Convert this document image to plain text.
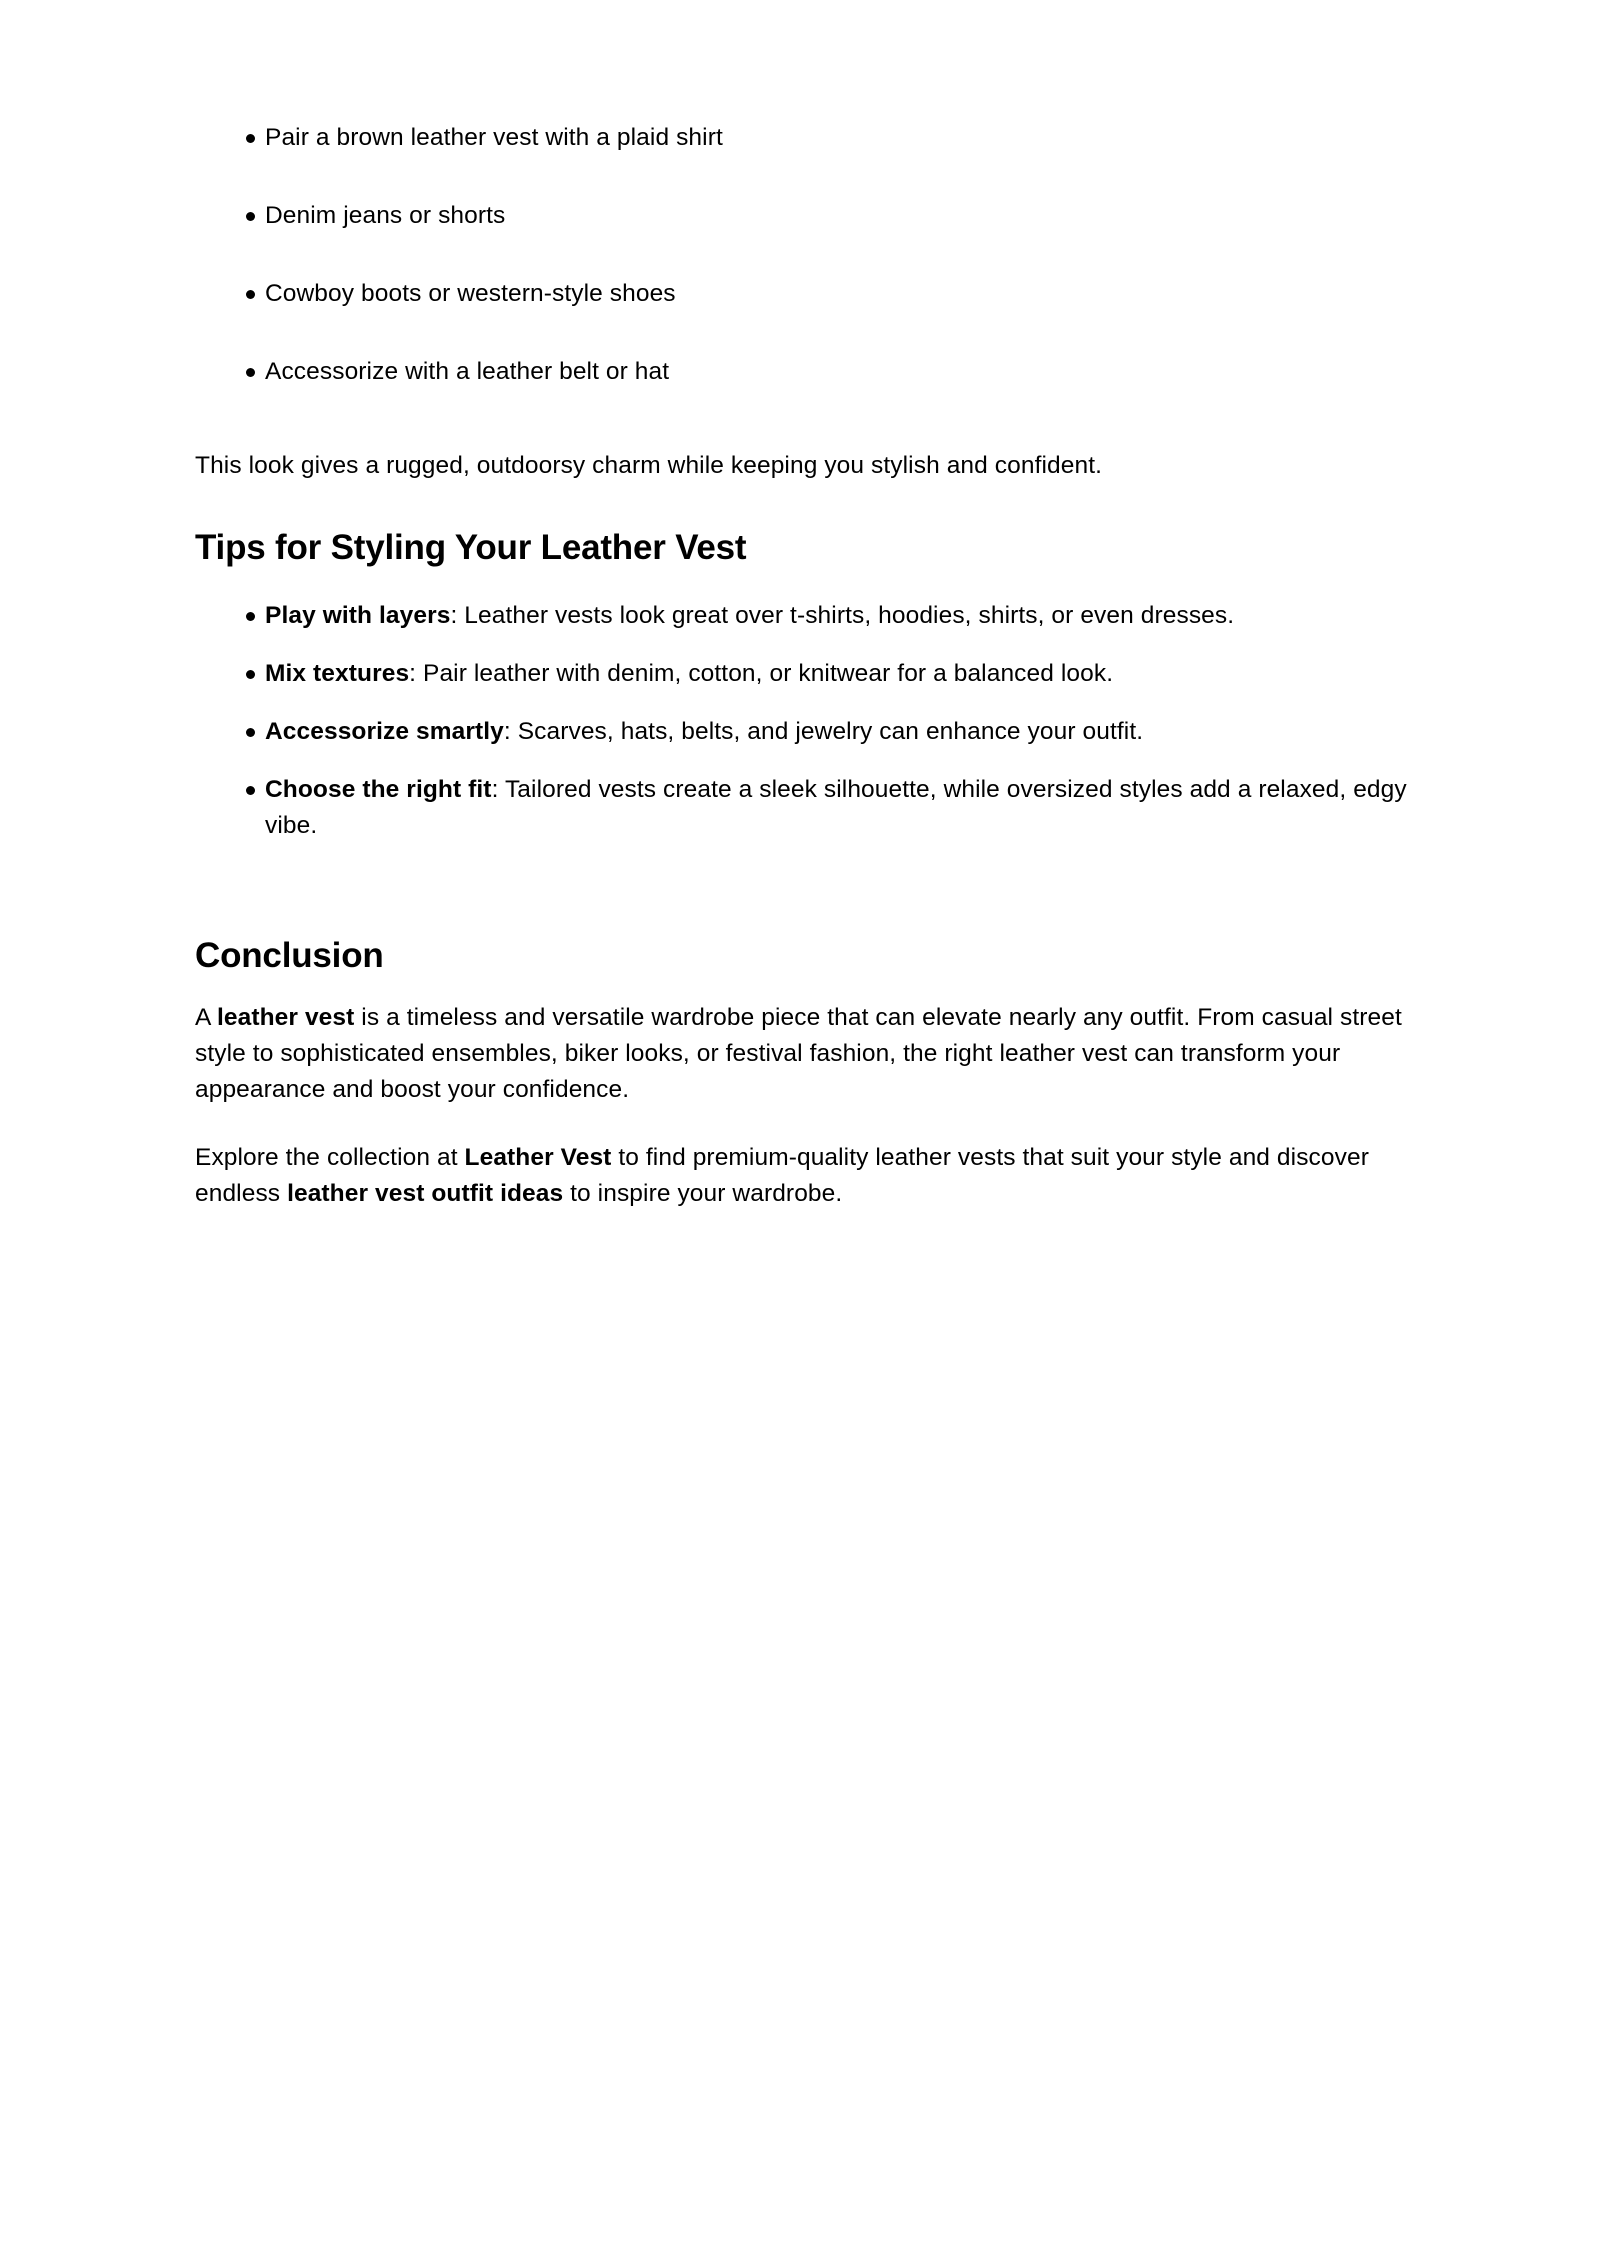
Pair a brown leather vest with a plaid shirt
Denim jeans or shorts
Cowboy boots or western-style shoes
Accessorize with a leather belt or hat

This look gives a rugged, outdoorsy charm while keeping you stylish and confident.

Tips for Styling Your Leather Vest
Play with layers: Leather vests look great over t-shirts, hoodies, shirts, or even dresses.
Mix textures: Pair leather with denim, cotton, or knitwear for a balanced look.
Accessorize smartly: Scarves, hats, belts, and jewelry can enhance your outfit.
Choose the right fit: Tailored vests create a sleek silhouette, while oversized styles add a relaxed, edgy vibe.
Conclusion

A leather vest is a timeless and versatile wardrobe piece that can elevate nearly any outfit. From casual street style to sophisticated ensembles, biker looks, or festival fashion, the right leather vest can transform your appearance and boost your confidence.

Explore the collection at Leather Vest to find premium-quality leather vests that suit your style and discover endless leather vest outfit ideas to inspire your wardrobe.
